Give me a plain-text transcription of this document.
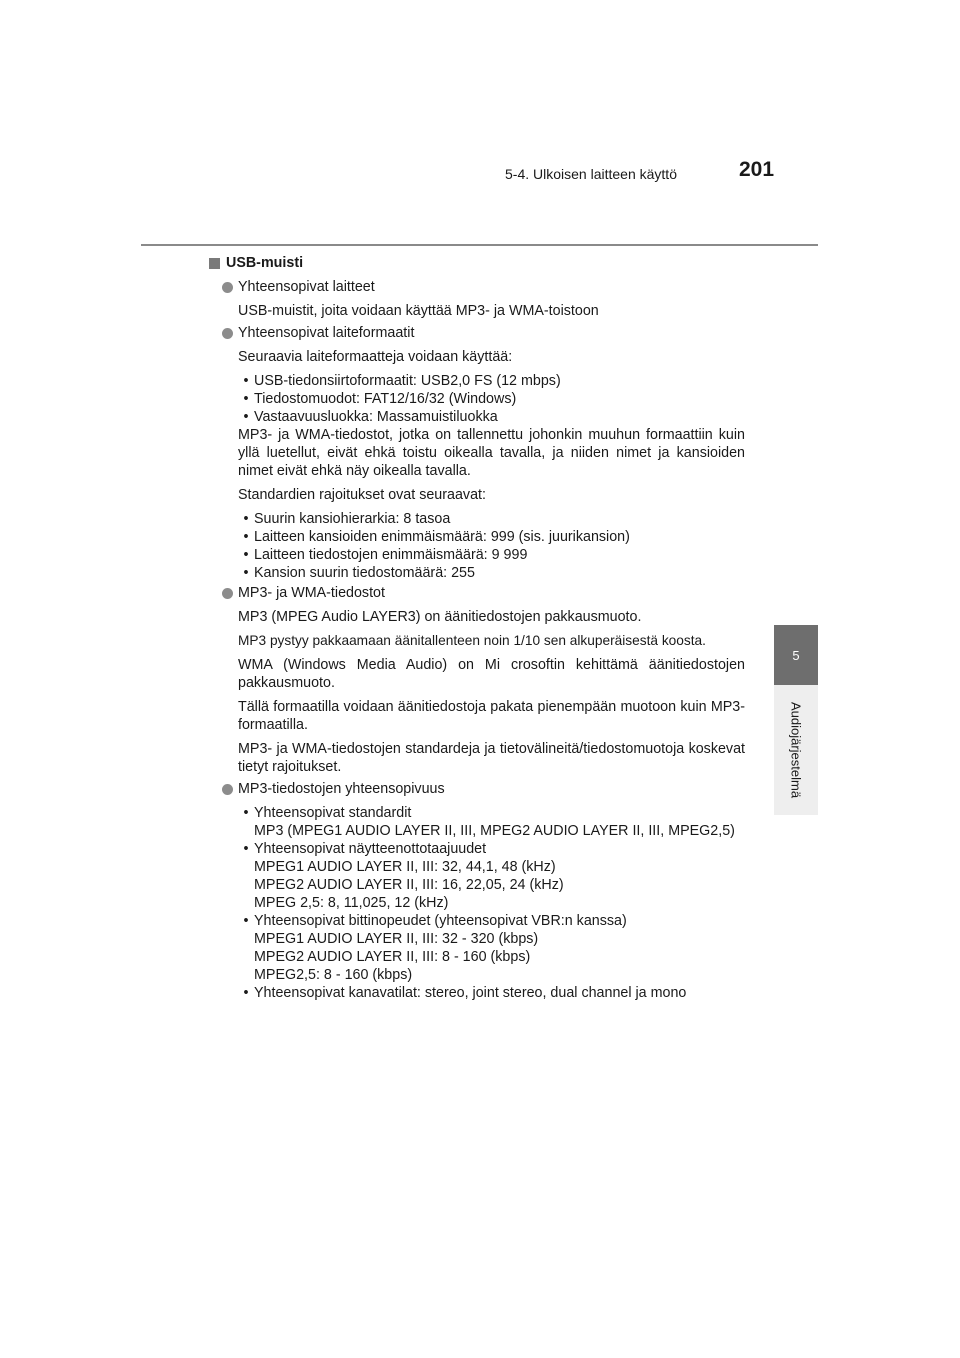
5-4. Ulkoisen laitteen käyttö	201
5
Audiojärjestelmä
USB-muisti
Yhteensopivat laitteet
USB-muistit, joita voidaan käyttää MP3- ja WMA-toistoon
Yhteensopivat laiteformaatit
Seuraavia laiteformaatteja voidaan käyttää:
• USB-tiedonsiirtoformaatit: USB2,0 FS (12 mbps)
• Tiedostomuodot: FAT12/16/32 (Windows)
• Vastaavuusluokka: Massamuistiluokka
MP3- ja WMA-tiedostot, jotka on tallennettu johonkin muuhun formaattiin kuin yllä luetellut, eivät ehkä toistu oikealla tavalla, ja niiden nimet ja kansioiden nimet eivät ehkä näy oikealla tavalla.
Standardien rajoitukset ovat seuraavat:
• Suurin kansiohierarkia: 8 tasoa
• Laitteen kansioiden enimmäismäärä: 999 (sis. juurikansion)
• Laitteen tiedostojen enimmäismäärä: 9 999
• Kansion suurin tiedostomäärä: 255
MP3- ja WMA-tiedostot
MP3 (MPEG Audio LAYER3) on äänitiedostojen pakkausmuoto.
MP3 pystyy pakkaamaan äänitallenteen noin 1/10 sen alkuperäisestä koosta.
WMA (Windows Media Audio) on Mi crosoftin kehittämä äänitiedostojen pakkausmuoto.
Tällä formaatilla voidaan äänitiedostoja pakata pienempään muotoon kuin MP3-formaatilla.
MP3- ja WMA-tiedostojen standardeja ja tietovälineitä/tiedostomuotoja koskevat tietyt rajoitukset.
MP3-tiedostojen yhteensopivuus
• Yhteensopivat standardit
MP3 (MPEG1 AUDIO LAYER II, III, MPEG2 AUDIO LAYER II, III, MPEG2,5)
• Yhteensopivat näytteenottotaajuudet
MPEG1 AUDIO LAYER II, III: 32, 44,1, 48 (kHz)
MPEG2 AUDIO LAYER II, III: 16, 22,05, 24 (kHz)
MPEG 2,5: 8, 11,025, 12 (kHz)
• Yhteensopivat bittinopeudet (yhteensopivat VBR:n kanssa)
MPEG1 AUDIO LAYER II, III: 32 - 320 (kbps)
MPEG2 AUDIO LAYER II, III: 8 - 160 (kbps)
MPEG2,5: 8 - 160 (kbps)
• Yhteensopivat kanavatilat: stereo, joint stereo, dual channel ja mono
